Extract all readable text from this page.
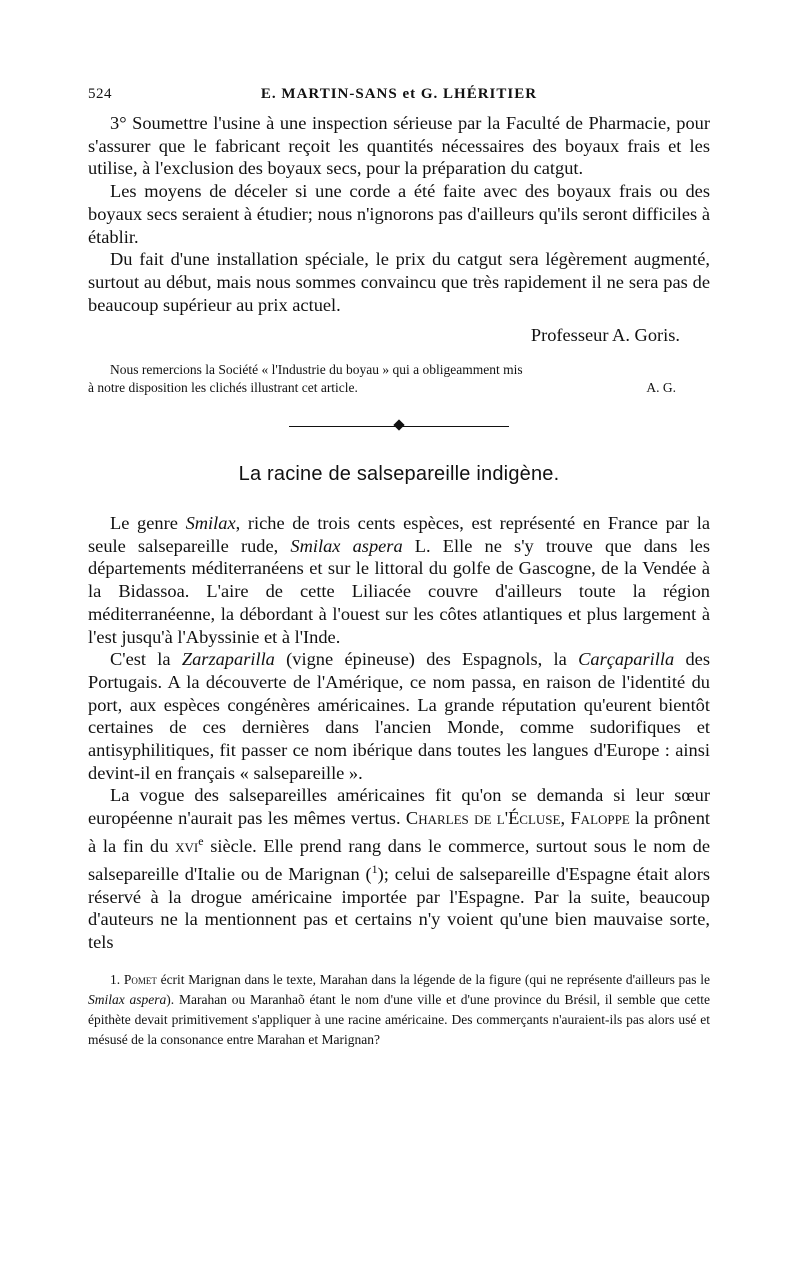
524	E. MARTIN-SANS et G. LHÉRITIER

3° Soumettre l'usine à une inspection sérieuse par la Faculté de Pharmacie, pour s'assurer que le fabricant reçoit les quantités nécessaires des boyaux frais et les utilise, à l'exclusion des boyaux secs, pour la préparation du catgut.

Les moyens de déceler si une corde a été faite avec des boyaux frais ou des boyaux secs seraient à étudier; nous n'ignorons pas d'ailleurs qu'ils seront difficiles à établir.

Du fait d'une installation spéciale, le prix du catgut sera légèrement augmenté, surtout au début, mais nous sommes convaincu que très rapidement il ne sera pas de beaucoup supérieur au prix actuel.

Professeur A. Goris.

Nous remercions la Société « l'Industrie du boyau » qui a obligeamment mis

à notre disposition les clichés illustrant cet article.	A. G.

La racine de salsepareille indigène.

Le genre Smilax, riche de trois cents espèces, est représenté en France par la seule salsepareille rude, Smilax aspera L. Elle ne s'y trouve que dans les départements méditerranéens et sur le littoral du golfe de Gascogne, de la Vendée à la Bidassoa. L'aire de cette Liliacée couvre d'ailleurs toute la région méditerranéenne, la débordant à l'ouest sur les côtes atlantiques et plus largement à l'est jusqu'à l'Abyssinie et à l'Inde.

C'est la Zarzaparilla (vigne épineuse) des Espagnols, la Carçaparilla des Portugais. A la découverte de l'Amérique, ce nom passa, en raison de l'identité du port, aux espèces congénères américaines. La grande réputation qu'eurent bientôt certaines de ces dernières dans l'ancien Monde, comme sudorifiques et antisyphilitiques, fit passer ce nom ibérique dans toutes les langues d'Europe : ainsi devint-il en français « salsepareille ».

La vogue des salsepareilles américaines fit qu'on se demanda si leur sœur européenne n'aurait pas les mêmes vertus. Charles de l'Écluse, Faloppe la prônent à la fin du xvi$^e$ siècle. Elle prend rang dans le commerce, surtout sous le nom de salsepareille d'Italie ou de Marignan ($^1$); celui de salsepareille d'Espagne était alors réservé à la drogue américaine importée par l'Espagne. Par la suite, beaucoup d'auteurs ne la mentionnent pas et certains n'y voient qu'une bien mauvaise sorte, tels

1. Pomet écrit Marignan dans le texte, Marahan dans la légende de la figure (qui ne représente d'ailleurs pas le Smilax aspera). Marahan ou Maranhaõ étant le nom d'une ville et d'une province du Brésil, il semble que cette épithète devait primitivement s'appliquer à une racine américaine. Des commerçants n'auraient-ils pas alors usé et mésusé de la consonance entre Marahan et Marignan?
